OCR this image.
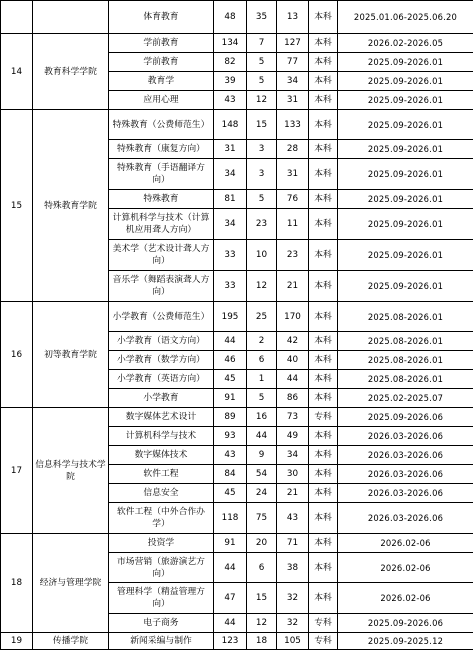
		体育教育	48	35	13	本科	2025.01.06-2025.06.20
14	教育科学学院	学前教育	134	7	127	本科	2026.02-2026.05
		学前教育	82	5	77	本科	2025.09-2026.01
		教育学	39	5	34	本科	2025.09-2026.01
		应用心理	43	12	31	本科	2025.09-2026.01
15	特殊教育学院	特殊教育（公费师范生）	148	15	133	本科	2025.09-2026.01
		特殊教育（康复方向）	31	3	28	本科	2025.09-2026.01
		特殊教育（手语翻译方向）	34	3	31	本科	2025.09-2026.01
		特殊教育	81	5	76	本科	2025.09-2026.01
		计算机科学与技术（计算机应用聋人方向）	34	23	11	本科	2025.09-2026.01
		美术学（艺术设计聋人方向）	33	10	23	本科	2025.09-2026.01
		音乐学（舞蹈表演聋人方向）	33	12	21	本科	2025.09-2026.01
16	初等教育学院	小学教育（公费师范生）	195	25	170	本科	2025.08-2026.01
		小学教育（语文方向）	44	2	42	本科	2025.08-2026.01
		小学教育（数学方向）	46	6	40	本科	2025.08-2026.01
		小学教育（英语方向）	45	1	44	本科	2025.08-2026.01
		小学教育	91	5	86	本科	2025.02-2025.07
17	信息科学与技术学院	数字媒体艺术设计	89	16	73	专科	2025.09-2026.06
		计算机科学与技术	93	44	49	本科	2026.03-2026.06
		数字媒体技术	43	9	34	本科	2026.03-2026.06
		软件工程	84	54	30	本科	2026.03-2026.06
		信息安全	45	24	21	本科	2026.03-2026.06
		软件工程（中外合作办学）	118	75	43	本科	2026.03-2026.06
18	经济与管理学院	投资学	91	20	71	本科	2026.02-06
		市场营销（旅游演艺方向）	44	6	38	本科	2026.02-06
		管理科学（精益管理方向）	47	15	32	本科	2026.02-06
		电子商务	44	12	32	专科	2025.09-2026.06
19	传播学院	新闻采编与制作	123	18	105	专科	2025.09-2025.12
